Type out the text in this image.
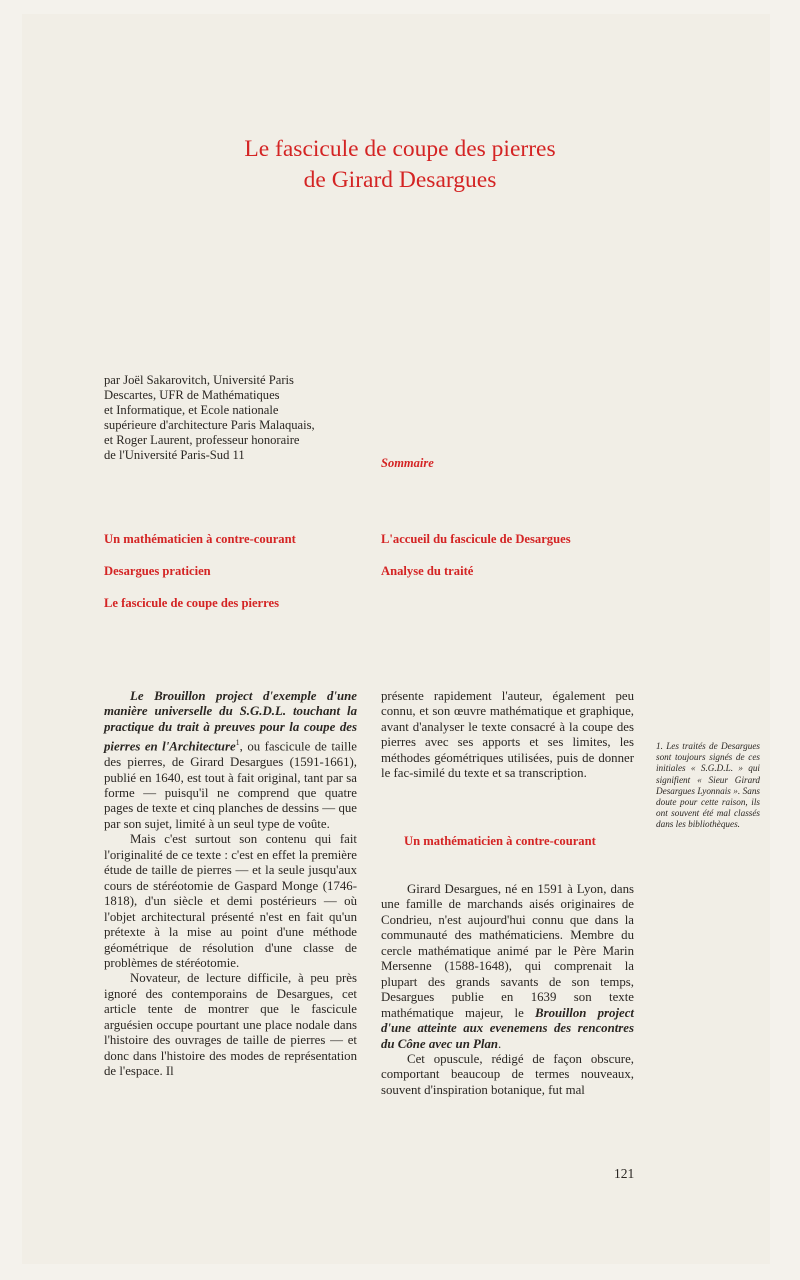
Le fascicule de coupe des pierres
de Girard Desargues
par Joël Sakarovitch, Université Paris
Descartes, UFR de Mathématiques
et Informatique, et Ecole nationale
supérieure d'architecture Paris Malaquais,
et Roger Laurent, professeur honoraire
de l'Université Paris-Sud 11
Sommaire
Un mathématicien à contre-courant
Desargues praticien
Le fascicule de coupe des pierres
L'accueil du fascicule de Desargues
Analyse du traité

Le Brouillon project d'exemple d'une manière universelle du S.G.D.L. touchant la practique du trait à preuves pour la coupe des pierres en l'Architecture$^1$, ou fascicule de taille des pierres, de Girard Desargues (1591-1661), publié en 1640, est tout à fait original, tant par sa forme — puisqu'il ne comprend que quatre pages de texte et cinq planches de dessins — que par son sujet, limité à un seul type de voûte.

Mais c'est surtout son contenu qui fait l'originalité de ce texte : c'est en effet la première étude de taille de pierres — et la seule jusqu'aux cours de stéréotomie de Gaspard Monge (1746-1818), d'un siècle et demi postérieurs — où l'objet architectural présenté n'est en fait qu'un prétexte à la mise au point d'une méthode géométrique de résolution d'une classe de problèmes de stéréotomie.

Novateur, de lecture difficile, à peu près ignoré des contemporains de Desargues, cet article tente de montrer que le fascicule arguésien occupe pourtant une place nodale dans l'histoire des ouvrages de taille de pierres — et donc dans l'histoire des modes de représentation de l'espace. Il

présente rapidement l'auteur, également peu connu, et son œuvre mathématique et graphique, avant d'analyser le texte consacré à la coupe des pierres avec ses apports et ses limites, les méthodes géométriques utilisées, puis de donner le fac-similé du texte et sa transcription.

Un mathématicien à contre-courant

Girard Desargues, né en 1591 à Lyon, dans une famille de marchands aisés originaires de Condrieu, n'est aujourd'hui connu que dans la communauté des mathématiciens. Membre du cercle mathématique animé par le Père Marin Mersenne (1588-1648), qui comprenait la plupart des grands savants de son temps, Desargues publie en 1639 son texte mathématique majeur, le Brouillon project d'une atteinte aux evenemens des rencontres du Cône avec un Plan.

Cet opuscule, rédigé de façon obscure, comportant beaucoup de termes nouveaux, souvent d'inspiration botanique, fut mal

1. Les traités de Desargues sont toujours signés de ces initiales « S.G.D.L. » qui signifient « Sieur Girard Desargues Lyonnais ». Sans doute pour cette raison, ils ont souvent été mal classés dans les bibliothèques.
121
